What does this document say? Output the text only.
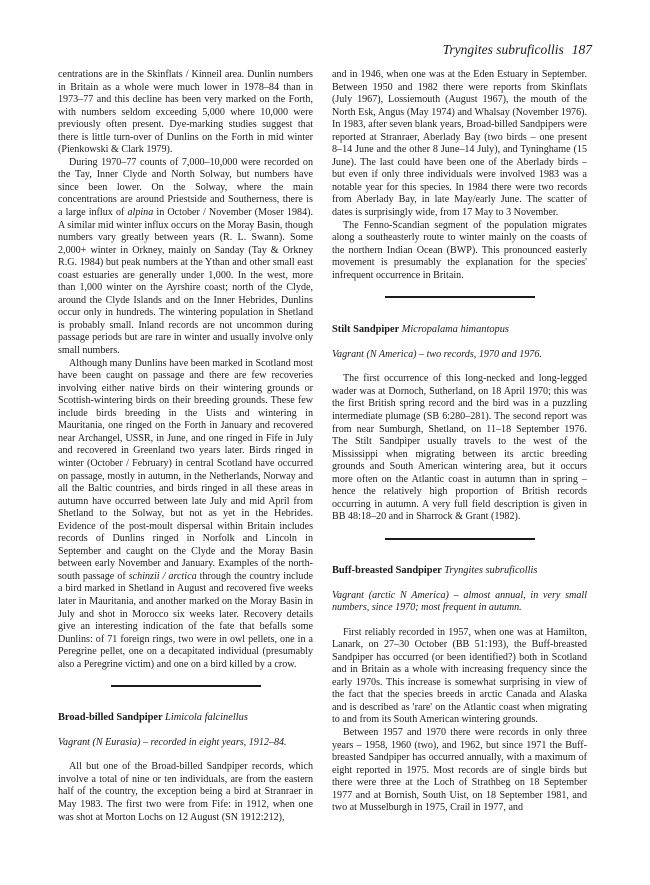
Tryngites subruficollis 187

centrations are in the Skinflats / Kinneil area. Dunlin numbers in Britain as a whole were much lower in 1978–84 than in 1973–77 and this decline has been very marked on the Forth, with numbers seldom exceeding 5,000 where 10,000 were previously often present. Dye-marking studies suggest that there is little turn-over of Dunlins on the Forth in mid winter (Pienkowski & Clark 1979).

During 1970–77 counts of 7,000–10,000 were recorded on the Tay, Inner Clyde and North Solway, but numbers have since been lower. On the Solway, where the main concentrations are around Priestside and Southerness, there is a large influx of alpina in October / November (Moser 1984). A similar mid winter influx occurs on the Moray Basin, though numbers vary greatly between years (R. L. Swann). Some 2,000+ winter in Orkney, mainly on Sanday (Tay & Orkney R.G. 1984) but peak numbers at the Ythan and other small east coast estuaries are generally under 1,000. In the west, more than 1,000 winter on the Ayrshire coast; north of the Clyde, around the Clyde Islands and on the Inner Hebrides, Dunlins occur only in hundreds. The wintering population in Shetland is probably small. Inland records are not uncommon during passage periods but are rare in winter and usually involve only small numbers.

Although many Dunlins have been marked in Scotland most have been caught on passage and there are few recoveries involving either native birds on their wintering grounds or Scottish-wintering birds on their breeding grounds. These few include birds breeding in the Uists and wintering in Mauritania, one ringed on the Forth in January and recovered near Archangel, USSR, in June, and one ringed in Fife in July and recovered in Greenland two years later. Birds ringed in winter (October / February) in central Scotland have occurred on passage, mostly in autumn, in the Netherlands, Norway and all the Baltic countries, and birds ringed in all these areas in autumn have occurred between late July and mid April from Shetland to the Solway, but not as yet in the Hebrides. Evidence of the post-moult dispersal within Britain includes records of Dunlins ringed in Norfolk and Lincoln in September and caught on the Clyde and the Moray Basin between early November and January. Examples of the north-south passage of schinzii / arctica through the country include a bird marked in Shetland in August and recovered five weeks later in Mauritania, and another marked on the Moray Basin in July and shot in Morocco six weeks later. Recovery details give an interesting indication of the fate that befalls some Dunlins: of 71 foreign rings, two were in owl pellets, one in a Peregrine pellet, one on a decapitated individual (presumably also a Peregrine victim) and one on a bird killed by a crow.

Broad-billed Sandpiper Limicola falcinellus

Vagrant (N Eurasia) – recorded in eight years, 1912–84.

All but one of the Broad-billed Sandpiper records, which involve a total of nine or ten individuals, are from the eastern half of the country, the exception being a bird at Stranraer in May 1983. The first two were from Fife: in 1912, when one was shot at Morton Lochs on 12 August (SN 1912:212),

and in 1946, when one was at the Eden Estuary in September. Between 1950 and 1982 there were reports from Skinflats (July 1967), Lossiemouth (August 1967), the mouth of the North Esk, Angus (May 1974) and Whalsay (November 1976). In 1983, after seven blank years, Broad-billed Sandpipers were reported at Stranraer, Aberlady Bay (two birds – one present 8–14 June and the other 8 June–14 July), and Tyninghame (15 June). The last could have been one of the Aberlady birds – but even if only three individuals were involved 1983 was a notable year for this species. In 1984 there were two records from Aberlady Bay, in late May/early June. The scatter of dates is surprisingly wide, from 17 May to 3 November.

The Fenno-Scandian segment of the population migrates along a southeasterly route to winter mainly on the coasts of the northern Indian Ocean (BWP). This pronounced easterly movement is presumably the explanation for the species' infrequent occurrence in Britain.

Stilt Sandpiper Micropalama himantopus

Vagrant (N America) – two records, 1970 and 1976.

The first occurrence of this long-necked and long-legged wader was at Dornoch, Sutherland, on 18 April 1970; this was the first British spring record and the bird was in a puzzling intermediate plumage (SB 6:280–281). The second report was from near Sumburgh, Shetland, on 11–18 September 1976. The Stilt Sandpiper usually travels to the west of the Mississippi when migrating between its arctic breeding grounds and South American wintering area, but it occurs more often on the Atlantic coast in autumn than in spring – hence the relatively high proportion of British records occurring in autumn. A very full field description is given in BB 48:18–20 and in Sharrock & Grant (1982).

Buff-breasted Sandpiper Tryngites subruficollis

Vagrant (arctic N America) – almost annual, in very small numbers, since 1970; most frequent in autumn.

First reliably recorded in 1957, when one was at Hamilton, Lanark, on 27–30 October (BB 51:193), the Buff-breasted Sandpiper has occurred (or been identified?) both in Scotland and in Britain as a whole with increasing frequency since the early 1970s. This increase is somewhat surprising in view of the fact that the species breeds in arctic Canada and Alaska and is described as 'rare' on the Atlantic coast when migrating to and from its South American wintering grounds.

Between 1957 and 1970 there were records in only three years – 1958, 1960 (two), and 1962, but since 1971 the Buff-breasted Sandpiper has occurred annually, with a maximum of eight reported in 1975. Most records are of single birds but there were three at the Loch of Strathbeg on 18 September 1977 and at Bornish, South Uist, on 18 September 1981, and two at Musselburgh in 1975, Crail in 1977, and
